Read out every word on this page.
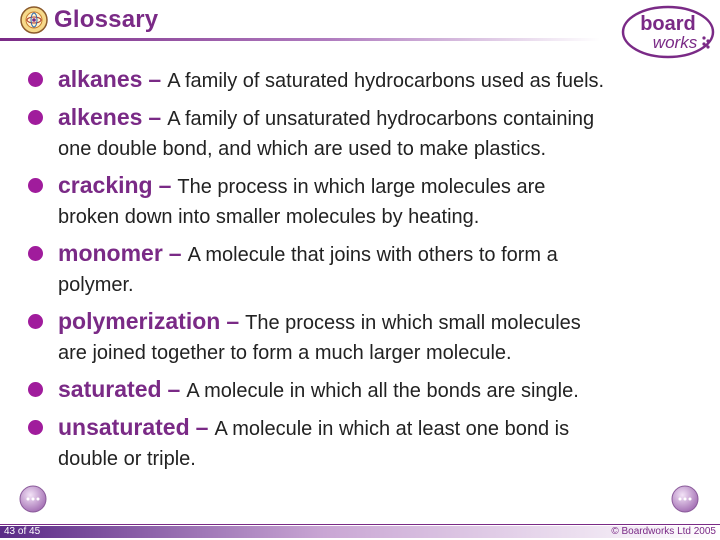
Glossary	board
works
alkanes – A family of saturated hydrocarbons used as fuels.
alkenes – A family of unsaturated hydrocarbons containing
one double bond, and which are used to make plastics.
cracking – The process in which large molecules are
broken down into smaller molecules by heating.
monomer – A molecule that joins with others to form a
polymer.
polymerization – The process in which small molecules
are joined together to form a much larger molecule.
saturated – A molecule in which all the bonds are single.
unsaturated – A molecule in which at least one bond is
double or triple.
43 of 45	© Boardworks Ltd 2005
